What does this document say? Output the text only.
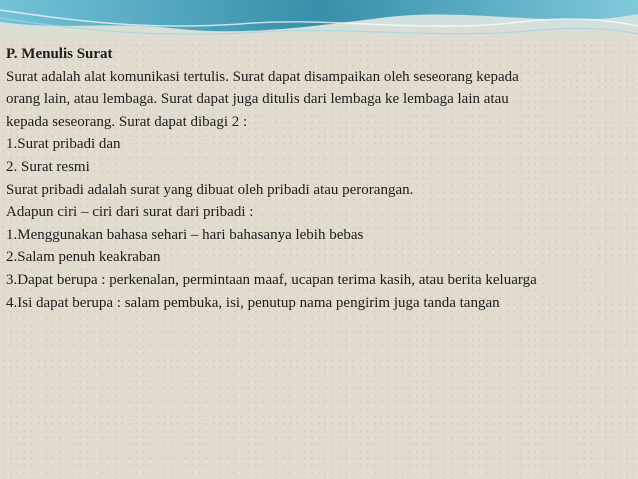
P. Menulis Surat
Surat adalah alat komunikasi tertulis. Surat dapat disampaikan oleh seseorang kepada
orang lain, atau lembaga. Surat dapat juga ditulis dari lembaga ke lembaga lain atau
kepada seseorang. Surat dapat dibagi 2 :
1.Surat pribadi dan
2. Surat resmi
Surat pribadi adalah surat yang dibuat oleh pribadi atau perorangan.
Adapun ciri – ciri dari surat dari pribadi :
1.Menggunakan bahasa sehari – hari bahasanya lebih bebas
2.Salam penuh keakraban
3.Dapat berupa : perkenalan, permintaan maaf, ucapan terima kasih, atau berita keluarga
4.Isi dapat berupa : salam pembuka, isi, penutup nama pengirim juga tanda tangan
